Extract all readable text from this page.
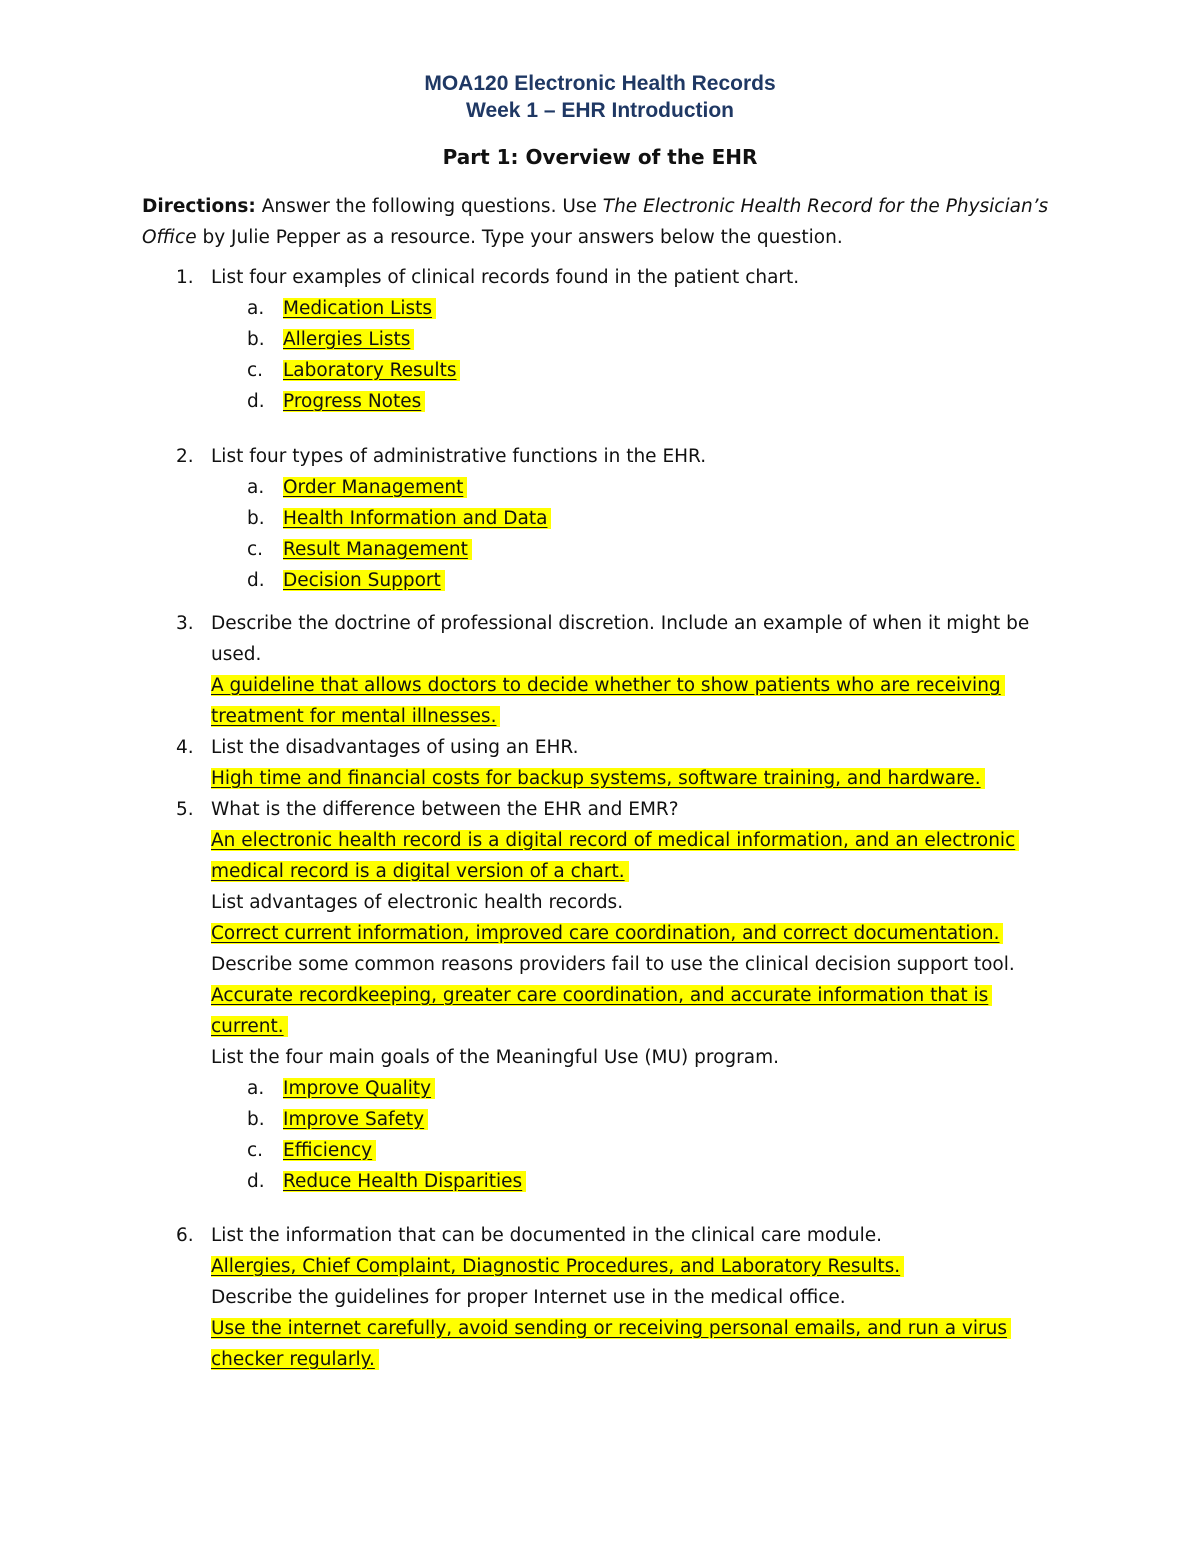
MOA120 Electronic Health Records
Week 1 – EHR Introduction
Part 1: Overview of the EHR
Directions: Answer the following questions. Use The Electronic Health Record for the Physician’s Office by Julie Pepper as a resource. Type your answers below the question.
1. List four examples of clinical records found in the patient chart.
a. Medication Lists
b. Allergies Lists
c. Laboratory Results
d. Progress Notes
2. List four types of administrative functions in the EHR.
a. Order Management
b. Health Information and Data
c. Result Management
d. Decision Support
3. Describe the doctrine of professional discretion. Include an example of when it might be
used.
A guideline that allows doctors to decide whether to show patients who are receiving
treatment for mental illnesses.
4. List the disadvantages of using an EHR.
High time and financial costs for backup systems, software training, and hardware.
5. What is the difference between the EHR and EMR?
An electronic health record is a digital record of medical information, and an electronic
medical record is a digital version of a chart.
List advantages of electronic health records.
Correct current information, improved care coordination, and correct documentation.
Describe some common reasons providers fail to use the clinical decision support tool.
Accurate recordkeeping, greater care coordination, and accurate information that is
current.
List the four main goals of the Meaningful Use (MU) program.
a. Improve Quality
b. Improve Safety
c. Efficiency
d. Reduce Health Disparities
6. List the information that can be documented in the clinical care module.
Allergies, Chief Complaint, Diagnostic Procedures, and Laboratory Results.
Describe the guidelines for proper Internet use in the medical office.
Use the internet carefully, avoid sending or receiving personal emails, and run a virus
checker regularly.
